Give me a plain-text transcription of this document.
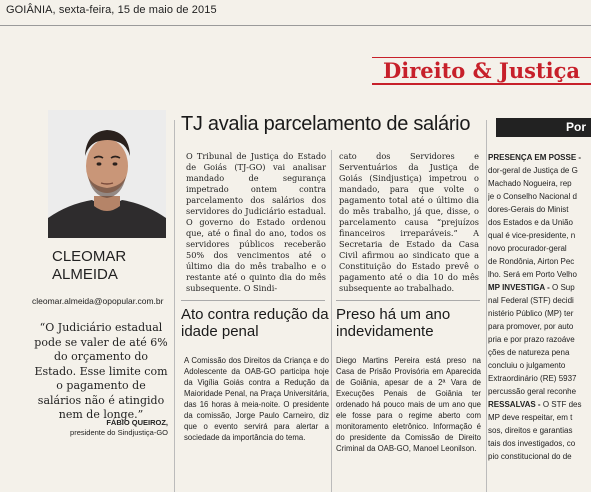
GOIÂNIA, sexta-feira, 15 de maio de 2015
Direito & Justiça
Por
CLEOMAR
ALMEIDA
cleomar.almeida@opopular.com.br
“O Judiciário estadual pode se valer de até 6% do orçamento do Estado. Esse limite com o pagamento de salários não é atingido nem de longe.”
FÁBIO QUEIROZ,
presidente do Sindjustiça-GO
TJ avalia parcelamento de salário
O Tribunal de Justiça do Estado de Goiás (TJ-GO) vai analisar mandado de segurança impetrado ontem contra parcelamento dos salários dos servidores do Judiciário estadual. O governo do Estado ordenou que, até o final do ano, todos os servidores públicos receberão 50% dos vencimentos até o último dia do mês trabalho e o restante até o quinto dia do mês subsequente. O Sindi-
cato dos Servidores e Serventuários da Justiça de Goiás (Sindjustiça) impetrou o mandado, para que volte o pagamento total até o último dia do mês trabalho, já que, disse, o parcelamento causa “prejuízos financeiros irreparáveis.” A Secretaria de Estado da Casa Civil afirmou ao sindicato que a Constituição do Estado prevê o pagamento até o dia 10 do mês subsequente ao trabalhado.
Ato contra redução da idade penal
A Comissão dos Direitos da Criança e do Adolescente da OAB-GO participa hoje da Vigília Goiás contra a Redução da Maioridade Penal, na Praça Universitária, das 16 horas à meia-noite. O presidente da comissão, Jorge Paulo Carneiro, diz que o evento servirá para alertar a sociedade da importância do tema.
Preso há um ano indevidamente
Diego Martins Pereira está preso na Casa de Prisão Provisória em Aparecida de Goiânia, apesar de a 2ª Vara de Execuções Penais de Goiânia ter ordenado há pouco mais de um ano que ele fosse para o regime aberto com monitoramento eletrônico. Informação é do presidente da Comissão de Direito Criminal da OAB-GO, Manoel Leonilson.
PRESENÇA EM POSSE -
dor-geral de Justiça de G
Machado Nogueira, rep
je o Conselho Nacional d
dores-Gerais do Minist
dos Estados e da União
qual é vice-presidente, n
novo procurador-geral
de Rondônia, Airton Pec
lho. Será em Porto Velho
MP INVESTIGA - O Sup
nal Federal (STF) decidi
nistério Público (MP) ter
para promover, por auto
pria e por prazo razoáve
ções de natureza pena
concluiu o julgamento
Extraordinário (RE) 5937
percussão geral reconhe
RESSALVAS - O STF des
MP deve respeitar, em t
sos, direitos e garantias
tais dos investigados, co
pio constitucional do de
